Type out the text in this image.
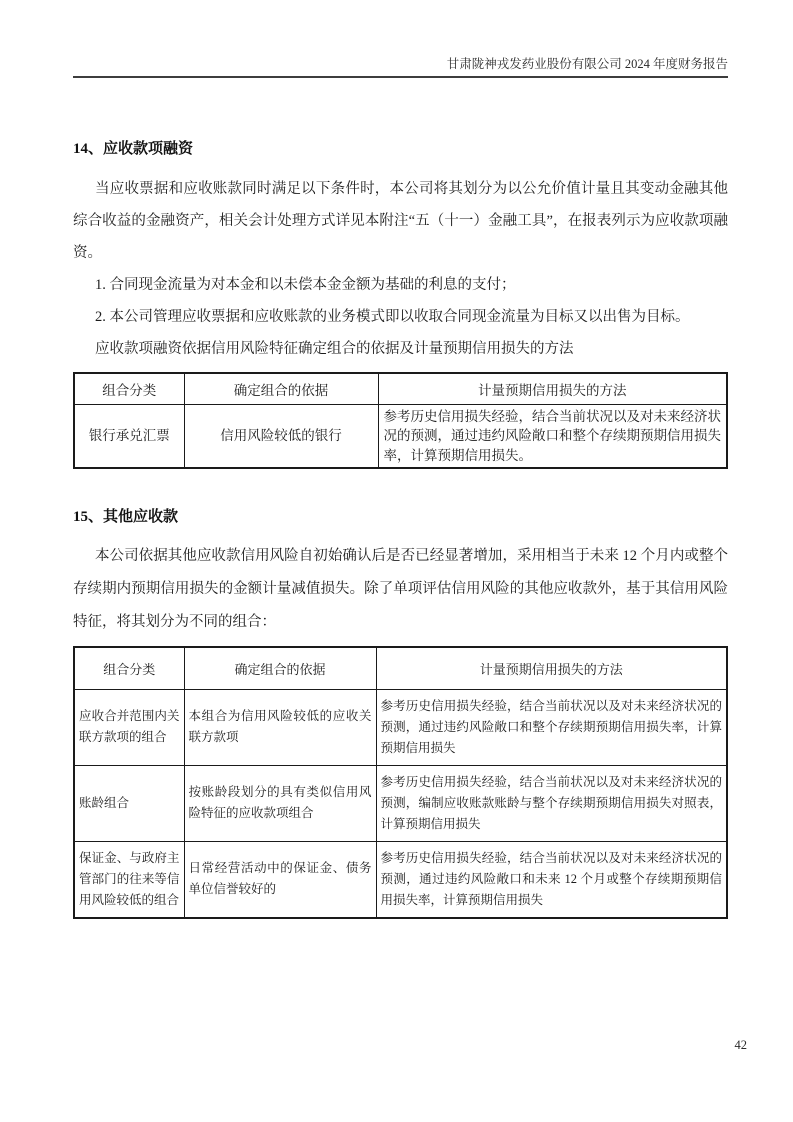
甘肃陇神戎发药业股份有限公司 2024 年度财务报告
14、应收款项融资

当应收票据和应收账款同时满足以下条件时，本公司将其划分为以公允价值计量且其变动金融其他综合收益的金融资产，相关会计处理方式详见本附注“五（十一）金融工具”，在报表列示为应收款项融资。

1. 合同现金流量为对本金和以未偿本金金额为基础的利息的支付；

2. 本公司管理应收票据和应收账款的业务模式即以收取合同现金流量为目标又以出售为目标。

应收款项融资依据信用风险特征确定组合的依据及计量预期信用损失的方法

组合分类	确定组合的依据	计量预期信用损失的方法
银行承兑汇票	信用风险较低的银行	参考历史信用损失经验，结合当前状况以及对未来经济状况的预测，通过违约风险敞口和整个存续期预期信用损失率，计算预期信用损失。
15、其他应收款

本公司依据其他应收款信用风险自初始确认后是否已经显著增加，采用相当于未来 12 个月内或整个存续期内预期信用损失的金额计量减值损失。除了单项评估信用风险的其他应收款外，基于其信用风险特征，将其划分为不同的组合：

组合分类	确定组合的依据	计量预期信用损失的方法
应收合并范围内关联方款项的组合	本组合为信用风险较低的应收关联方款项	参考历史信用损失经验，结合当前状况以及对未来经济状况的预测，通过违约风险敞口和整个存续期预期信用损失率，计算预期信用损失
账龄组合	按账龄段划分的具有类似信用风险特征的应收款项组合	参考历史信用损失经验，结合当前状况以及对未来经济状况的预测，编制应收账款账龄与整个存续期预期信用损失对照表，计算预期信用损失
保证金、与政府主管部门的往来等信用风险较低的组合	日常经营活动中的保证金、债务单位信誉较好的	参考历史信用损失经验，结合当前状况以及对未来经济状况的预测，通过违约风险敞口和未来 12 个月或整个存续期预期信用损失率，计算预期信用损失
42
